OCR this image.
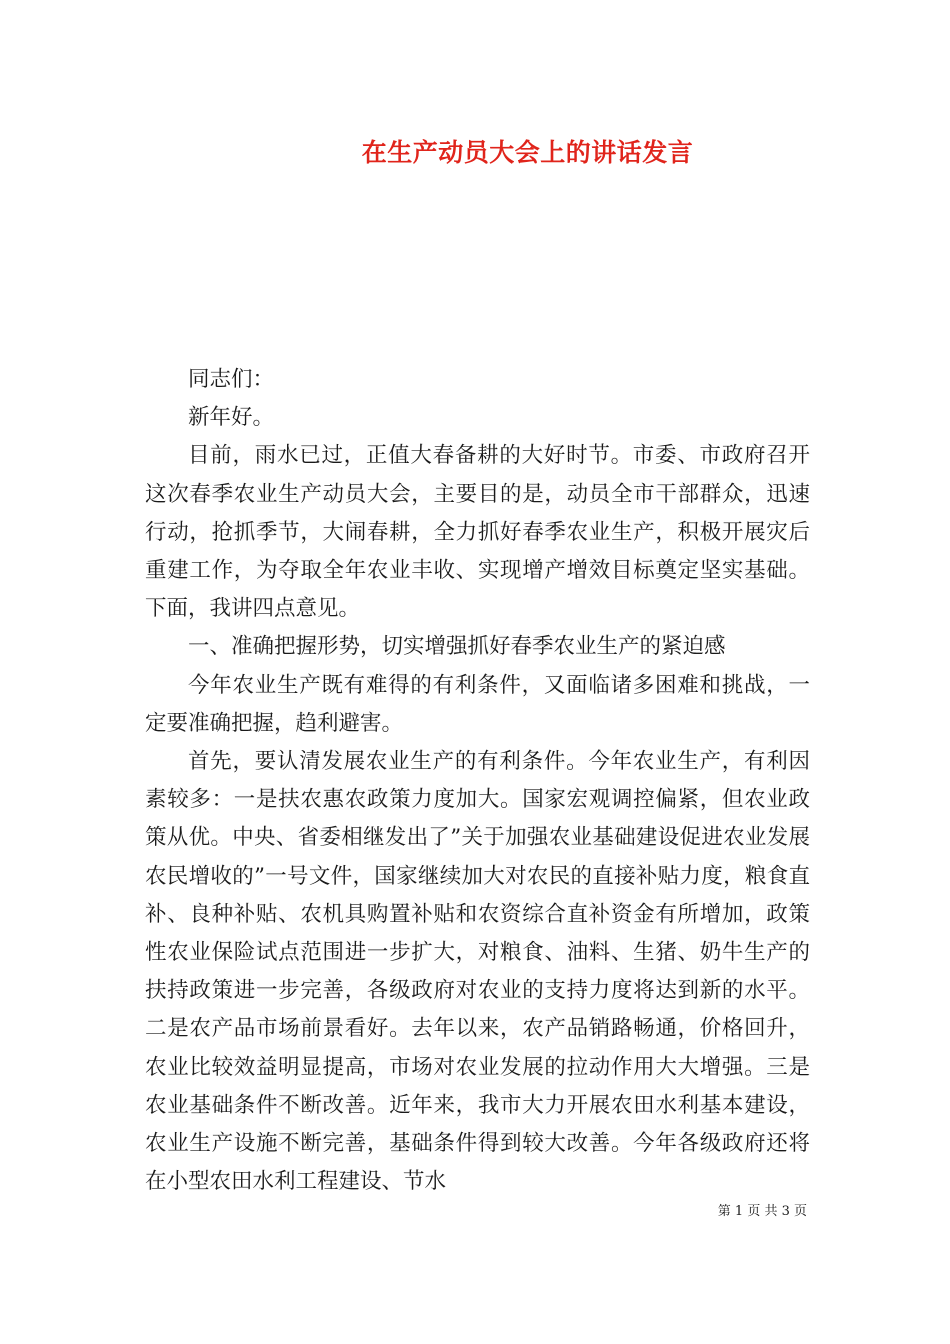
在生产动员大会上的讲话发言

同志们：

新年好。

目前，雨水已过，正值大春备耕的大好时节。市委、市政府召开这次春季农业生产动员大会，主要目的是，动员全市干部群众，迅速行动，抢抓季节，大闹春耕，全力抓好春季农业生产，积极开展灾后重建工作，为夺取全年农业丰收、实现增产增效目标奠定坚实基础。下面，我讲四点意见。

一、准确把握形势，切实增强抓好春季农业生产的紧迫感

今年农业生产既有难得的有利条件，又面临诸多困难和挑战，一定要准确把握，趋利避害。

首先，要认清发展农业生产的有利条件。今年农业生产，有利因素较多：一是扶农惠农政策力度加大。国家宏观调控偏紧，但农业政策从优。中央、省委相继发出了”关于加强农业基础建设促进农业发展农民增收的”一号文件，国家继续加大对农民的直接补贴力度，粮食直补、良种补贴、农机具购置补贴和农资综合直补资金有所增加，政策性农业保险试点范围进一步扩大，对粮食、油料、生猪、奶牛生产的扶持政策进一步完善，各级政府对农业的支持力度将达到新的水平。二是农产品市场前景看好。去年以来，农产品销路畅通，价格回升，农业比较效益明显提高，市场对农业发展的拉动作用大大增强。三是农业基础条件不断改善。近年来，我市大力开展农田水利基本建设，农业生产设施不断完善，基础条件得到较大改善。今年各级政府还将在小型农田水利工程建设、节水

第 1 页 共 3 页
